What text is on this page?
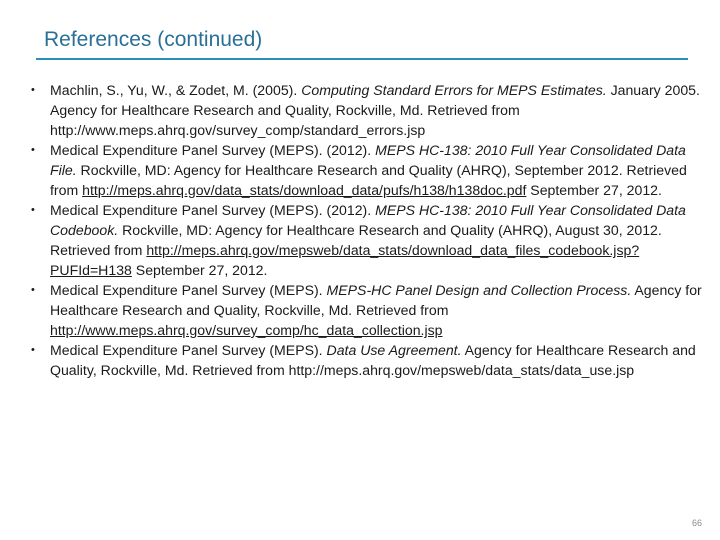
References (continued)
• Machlin, S., Yu, W., & Zodet, M. (2005). Computing Standard Errors for MEPS Estimates. January 2005. Agency for Healthcare Research and Quality, Rockville, Md. Retrieved from http://www.meps.ahrq.gov/survey_comp/standard_errors.jsp
• Medical Expenditure Panel Survey (MEPS). (2012). MEPS HC-138: 2010 Full Year Consolidated Data File. Rockville, MD: Agency for Healthcare Research and Quality (AHRQ), September 2012. Retrieved from http://meps.ahrq.gov/data_stats/download_data/pufs/h138/h138doc.pdf September 27, 2012.
• Medical Expenditure Panel Survey (MEPS). (2012). MEPS HC-138: 2010 Full Year Consolidated Data Codebook. Rockville, MD: Agency for Healthcare Research and Quality (AHRQ), August 30, 2012. Retrieved from http://meps.ahrq.gov/mepsweb/data_stats/download_data_files_codebook.jsp?PUFId=H138 September 27, 2012.
• Medical Expenditure Panel Survey (MEPS). MEPS-HC Panel Design and Collection Process. Agency for Healthcare Research and Quality, Rockville, Md. Retrieved from http://www.meps.ahrq.gov/survey_comp/hc_data_collection.jsp
• Medical Expenditure Panel Survey (MEPS). Data Use Agreement. Agency for Healthcare Research and Quality, Rockville, Md. Retrieved from http://meps.ahrq.gov/mepsweb/data_stats/data_use.jsp
66
